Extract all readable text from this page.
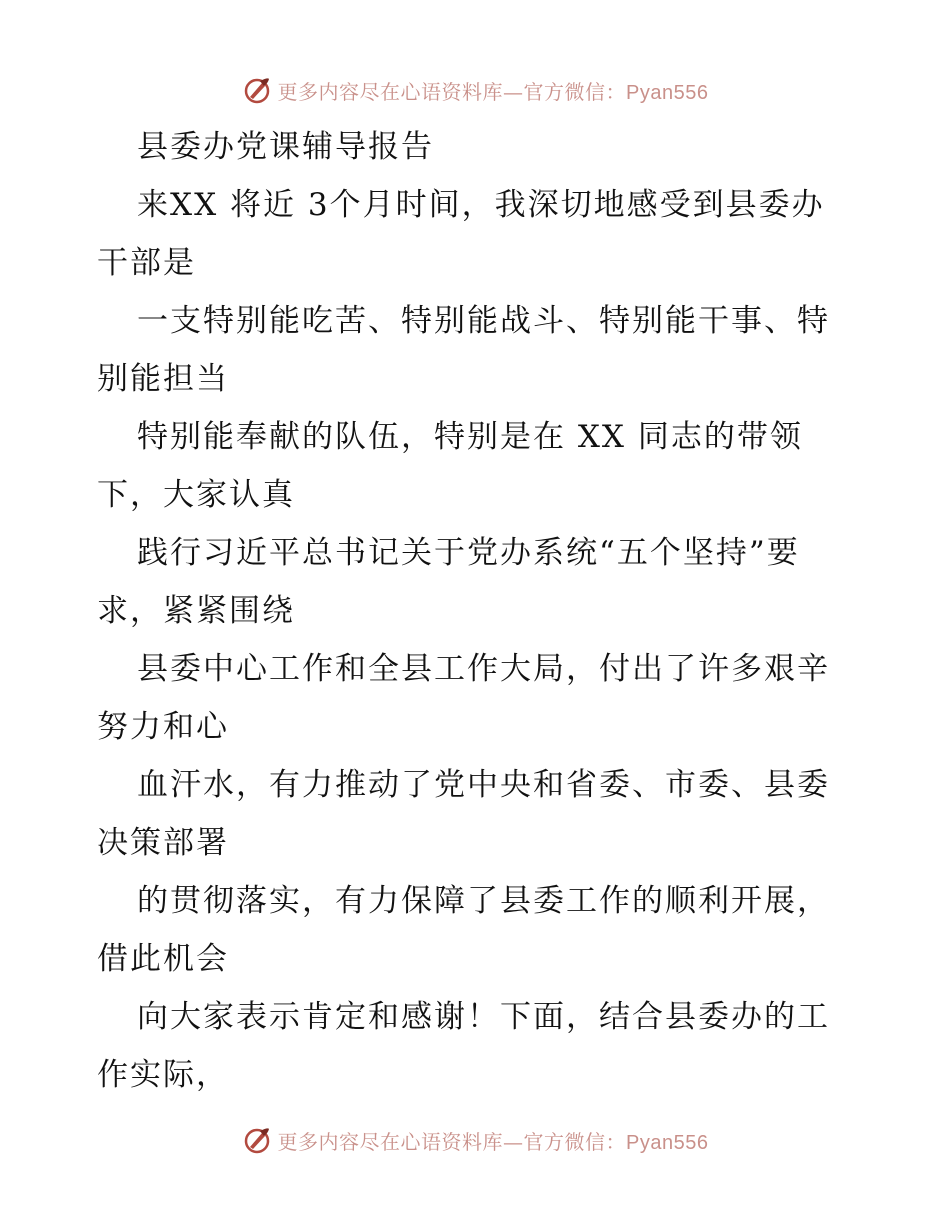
更多内容尽在心语资料库—官方微信：Pyan556
县委办党课辅导报告
来XX 将近 3个月时间，我深切地感受到县委办
干部是
一支特别能吃苦、特别能战斗、特别能干事、特
别能担当
特别能奉献的队伍，特别是在 XX 同志的带领
下，大家认真
践行习近平总书记关于党办系统“五个坚持”要
求，紧紧围绕
县委中心工作和全县工作大局，付出了许多艰辛
努力和心
血汗水，有力推动了党中央和省委、市委、县委
决策部署
的贯彻落实，有力保障了县委工作的顺利开展，
借此机会
向大家表示肯定和感谢！下面，结合县委办的工
作实际，
更多内容尽在心语资料库—官方微信：Pyan556
